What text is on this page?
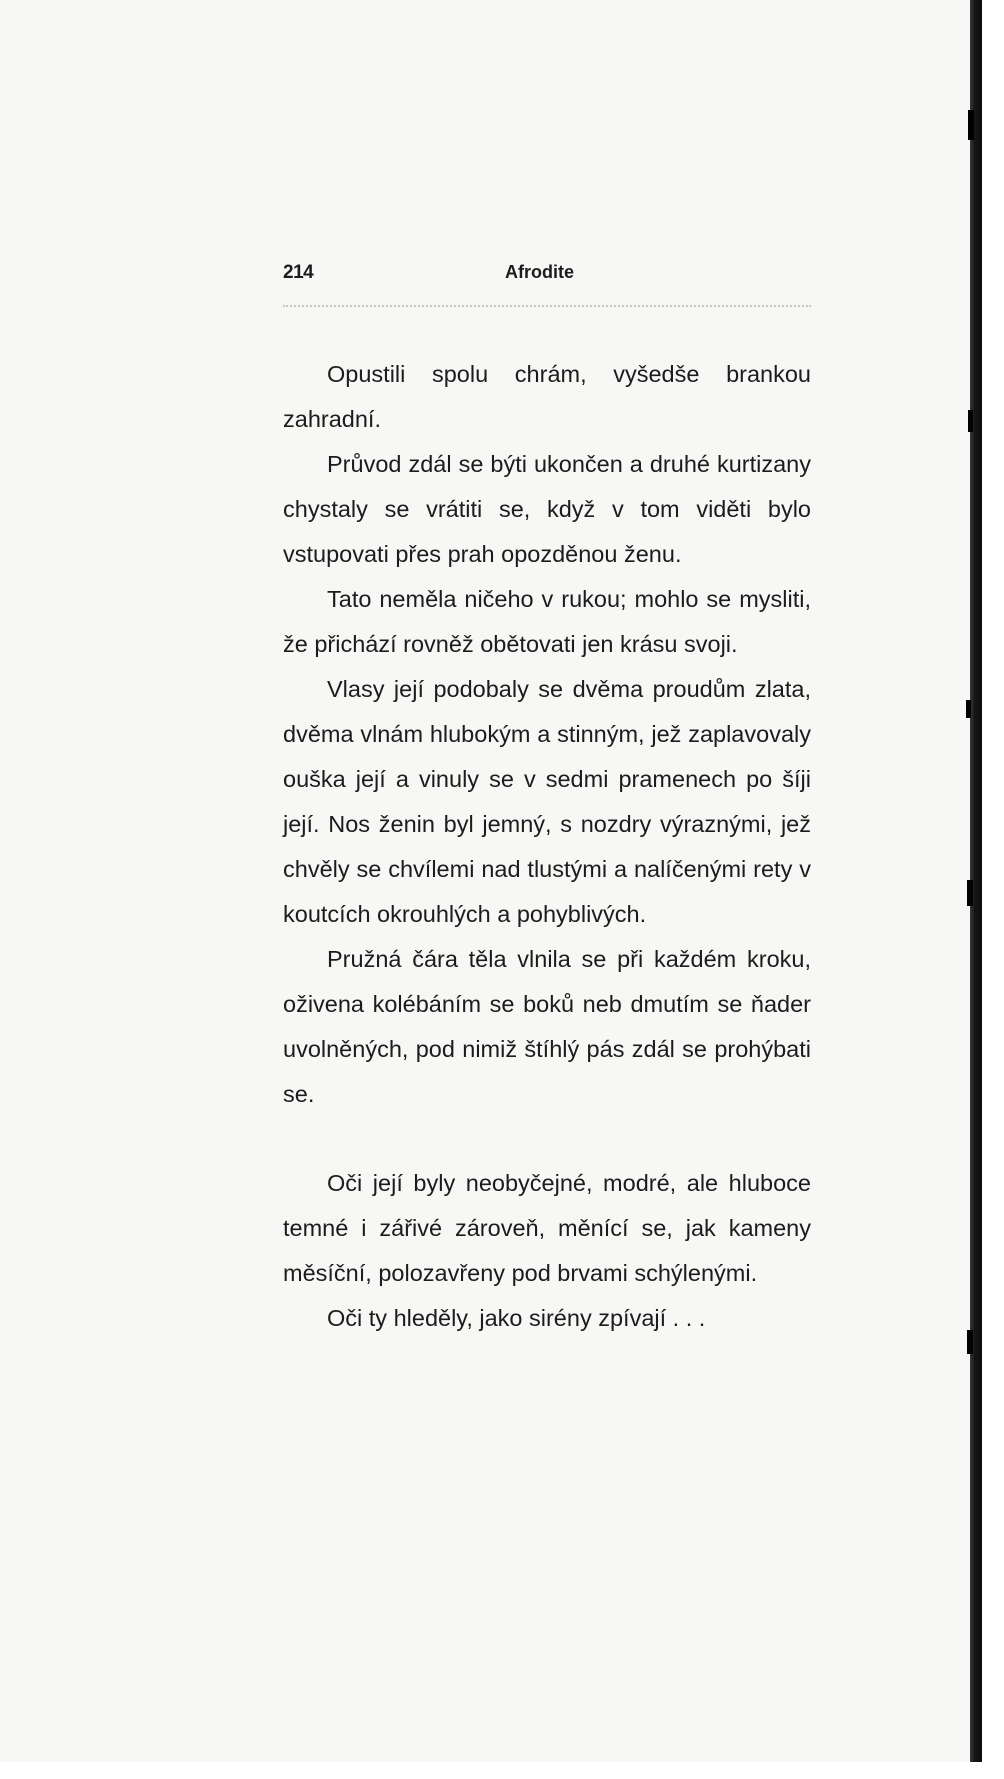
214	Afrodite

Opustili spolu chrám, vyšedše brankou zahradní.

Průvod zdál se býti ukončen a druhé kurtizany chystaly se vrátiti se, když v tom viděti bylo vstupovati přes prah opozděnou ženu.

Tato neměla ničeho v rukou; mohlo se mysliti, že přichází rovněž obětovati jen krásu svoji.

Vlasy její podobaly se dvěma proudům zlata, dvěma vlnám hlubokým a stinným, jež zaplavovaly ouška její a vinuly se v sedmi pramenech po šíji její. Nos ženin byl jemný, s nozdry výraznými, jež chvěly se chvílemi nad tlustými a nalíčenými rety v koutcích okrouhlých a pohyblivých.

Pružná čára těla vlnila se při každém kroku, oživena kolébáním se boků neb dmutím se ňader uvolněných, pod nimiž štíhlý pás zdál se prohýbati se.

Oči její byly neobyčejné, modré, ale hluboce temné i zářivé zároveň, měnící se, jak kameny měsíční, polozavřeny pod brvami schýlenými.

Oči ty hleděly, jako sirény zpívají . . .
